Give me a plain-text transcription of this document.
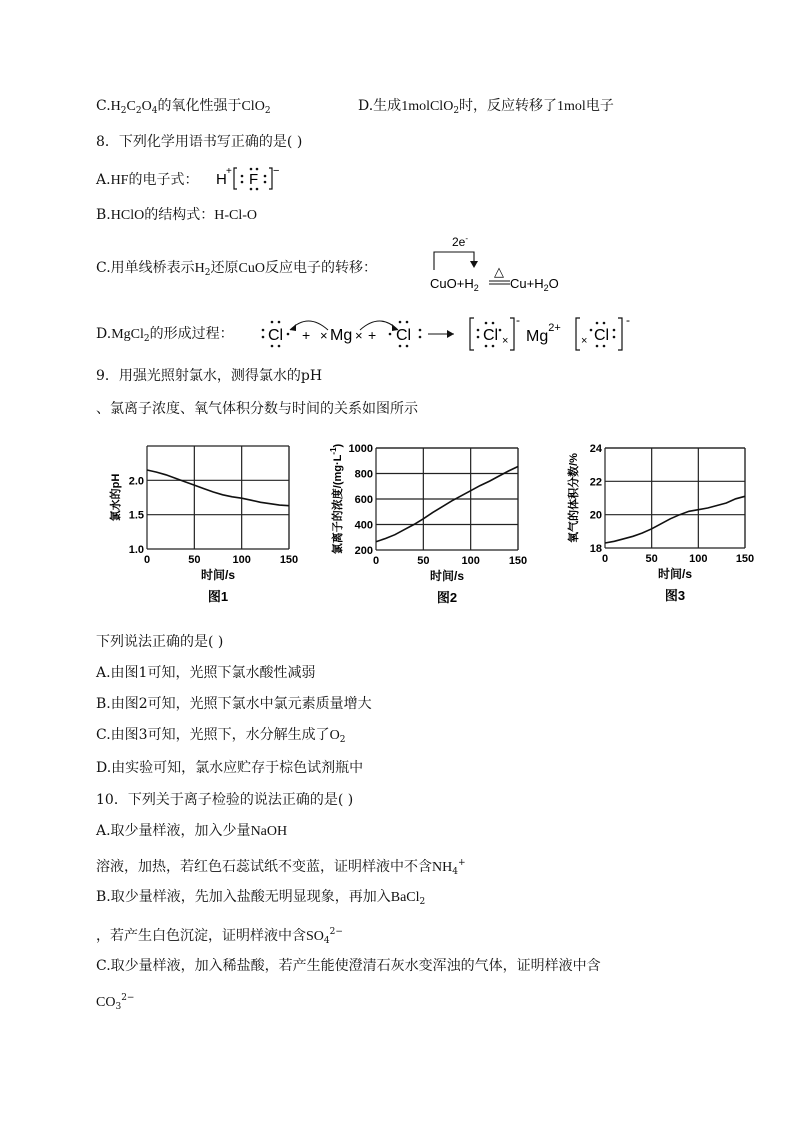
$C.H_2C_2O_4$的氧化性强于ClO$_2$	D.生成1molClO$_2$时，反应转移了1mol电子
8．下列化学用语书写正确的是( )
A.HF的电子式： H + F −
B.HClO的结构式：H-Cl-O
C.用单线桥表示$H_2$还原CuO反应电子的转移：
2e-
$CuO+H_2$
△
$Cu+H_2O$
D.MgCl$_2$的形成过程： Cl + × Mg × + Cl	Cl ×
-
$Mg^{2+}$
× Cl
-
9．用强光照射氯水，测得氯水的pH
、氯离子浓度、氧气体积分数与时间的关系如图所示
0	50	100	150
1.0
1.5
2.0
时间/s
图1
氯水的pH
0	50	100	150
200
400
600
800
1000
时间/s
图2
氯离子的浓度$/(mg\cdot L^{-1})$
0	50	100	150
18
20
22
24
时间/s
图3
氧气的体积分数/%
下列说法正确的是( )
A.由图1可知，光照下氯水酸性减弱
B.由图2可知，光照下氯水中氯元素质量增大
C.由图3可知，光照下，水分解生成了$O_2$
D.由实验可知，氯水应贮存于棕色试剂瓶中
10．下列关于离子检验的说法正确的是( )
A.取少量样液，加入少量NaOH
溶液，加热，若红色石蕊试纸不变蓝，证明样液中不含$NH_4^+$
B.取少量样液，先加入盐酸无明显现象，再加入BaCl$_2$
，若产生白色沉淀，证明样液中含$SO_4^{2-}$
C.取少量样液，加入稀盐酸，若产生能使澄清石灰水变浑浊的气体，证明样液中含
$CO_3^{2-}$
